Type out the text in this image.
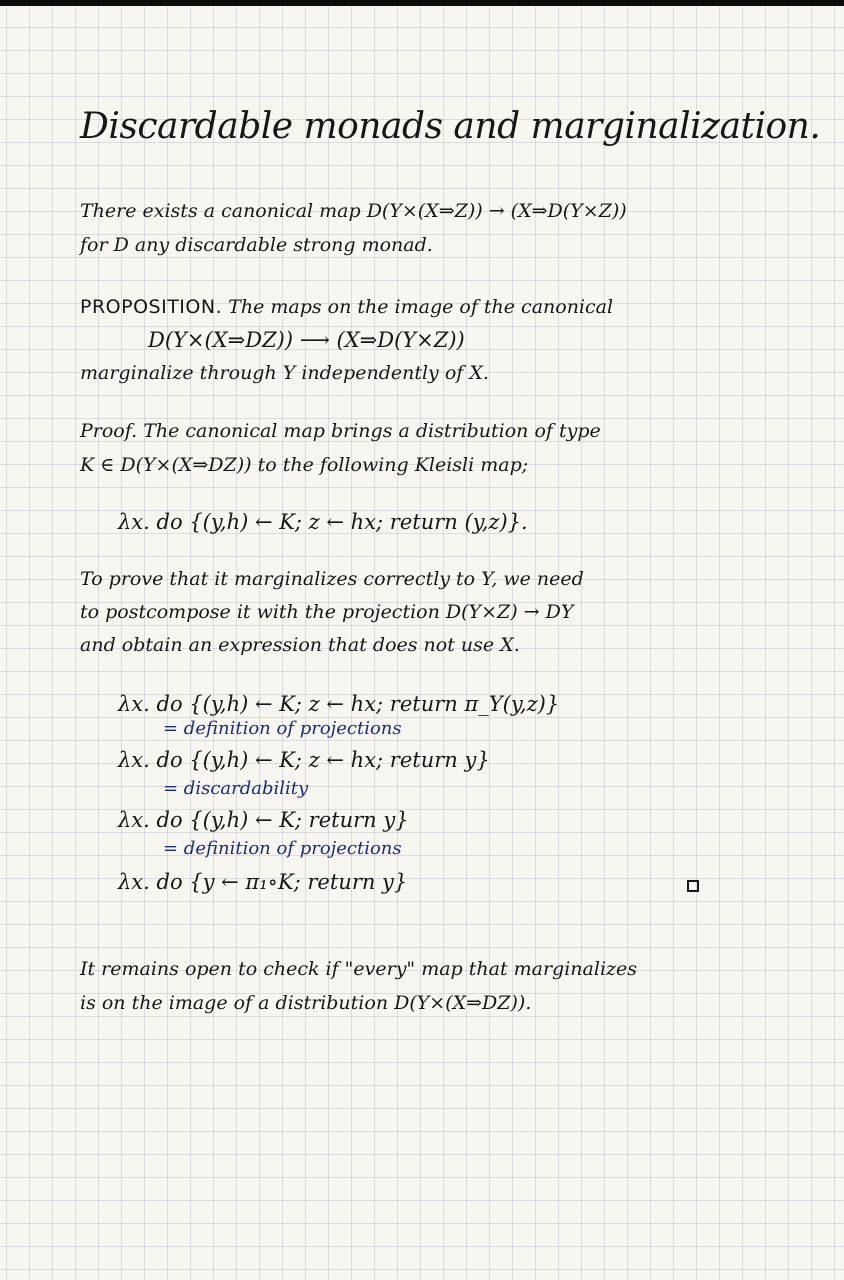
Discardable monads and marginalization.
There exists a canonical map D(Y×(X⇒Z)) → (X⇒D(Y×Z))
for D any discardable strong monad.
PROPOSITION. The maps on the image of the canonical
D(Y×(X⇒DZ)) ⟶ (X⇒D(Y×Z))
marginalize through Y independently of X.
Proof. The canonical map brings a distribution of type
K ∈ D(Y×(X⇒DZ)) to the following Kleisli map;
λx. do {(y,h) ← K; z ← hx; return (y,z)}.
To prove that it marginalizes correctly to Y, we need
to postcompose it with the projection D(Y×Z) → DY
and obtain an expression that does not use X.
λx. do {(y,h) ← K; z ← hx; return π_Y(y,z)}
= definition of projections
λx. do {(y,h) ← K; z ← hx; return y}
= discardability
λx. do {(y,h) ← K; return y}
= definition of projections
λx. do {y ← π₁∘K; return y}
It remains open to check if "every" map that marginalizes
is on the image of a distribution D(Y×(X⇒DZ)).
